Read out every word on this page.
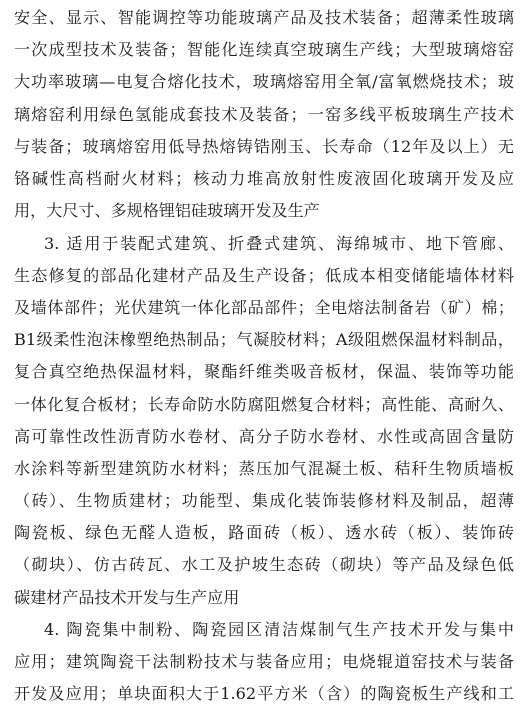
安全、显示、智能调控等功能玻璃产品及技术装备；超薄柔性玻璃
一次成型技术及装备；智能化连续真空玻璃生产线；大型玻璃熔窑
大功率玻璃—电复合熔化技术，玻璃熔窑用全氧/富氧燃烧技术；玻
璃熔窑利用绿色氢能成套技术及装备；一窑多线平板玻璃生产技术
与装备；玻璃熔窑用低导热熔铸锆刚玉、长寿命（12年及以上）无
铬碱性高档耐火材料；核动力堆高放射性废液固化玻璃开发及应
用，大尺寸、多规格锂铝硅玻璃开发及生产
3. 适用于装配式建筑、折叠式建筑、海绵城市、地下管廊、
生态修复的部品化建材产品及生产设备；低成本相变储能墙体材料
及墙体部件；光伏建筑一体化部品部件；全电熔法制备岩（矿）棉；
B1级柔性泡沫橡塑绝热制品；气凝胶材料；A级阻燃保温材料制品，
复合真空绝热保温材料，聚酯纤维类吸音板材，保温、装饰等功能
一体化复合板材；长寿命防水防腐阻燃复合材料；高性能、高耐久、
高可靠性改性沥青防水卷材、高分子防水卷材、水性或高固含量防
水涂料等新型建筑防水材料；蒸压加气混凝土板、秸秆生物质墙板
（砖）、生物质建材；功能型、集成化装饰装修材料及制品，超薄
陶瓷板、绿色无醛人造板，路面砖（板）、透水砖（板）、装饰砖
（砌块）、仿古砖瓦、水工及护坡生态砖（砌块）等产品及绿色低
碳建材产品技术开发与生产应用
4. 陶瓷集中制粉、陶瓷园区清洁煤制气生产技术开发与集中
应用；建筑陶瓷干法制粉技术与装备应用；电烧辊道窑技术与装备
开发及应用；单块面积大于1.62平方米（含）的陶瓷板生产线和工
